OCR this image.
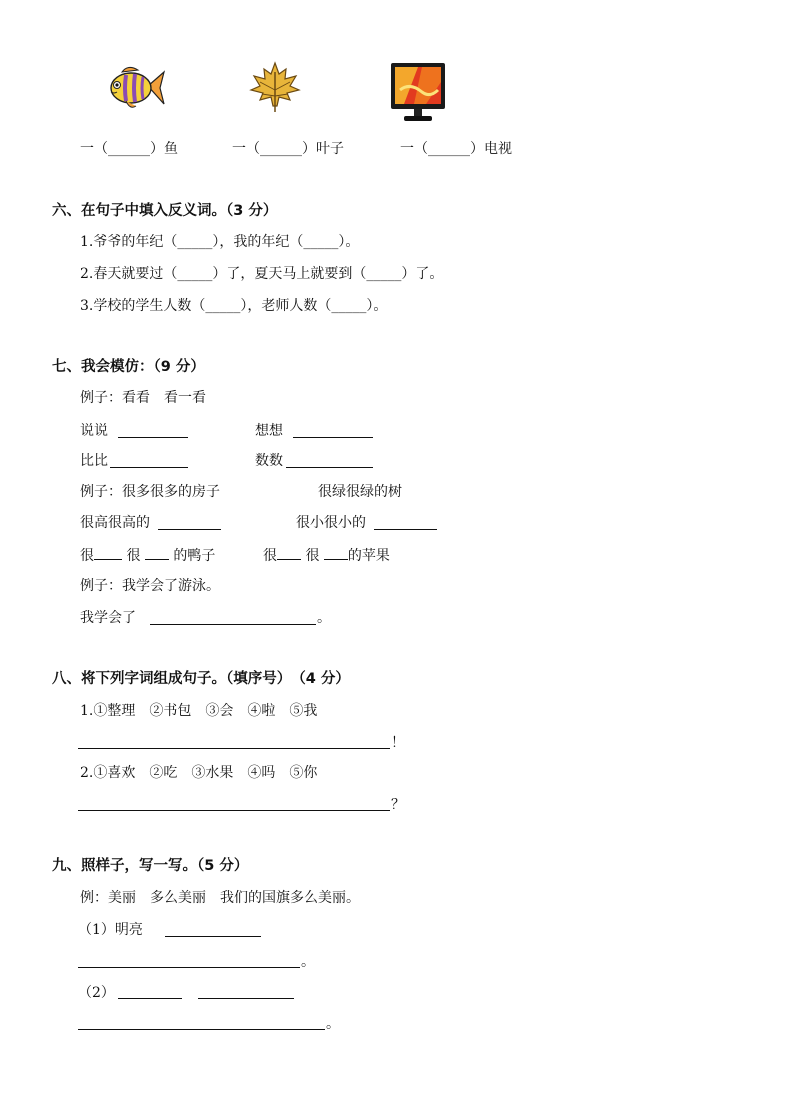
一（______）鱼	一（______）叶子	一（______）电视
六、在句子中填入反义词。（3 分）
1.爷爷的年纪（_____），我的年纪（_____）。
2.春天就要过（_____）了，夏天马上就要到（_____）了。
3.学校的学生人数（_____），老师人数（_____）。
七、我会模仿：（9 分）
例子：看看　看一看
说说	想想
比比	数数
例子：很多很多的房子	很绿很绿的树
很高很高的	很小很小的
很 很 的鸭子	很 很 的苹果
例子：我学会了游泳。
我学会了	。
八、将下列字词组成句子。（填序号）　（4 分）
1.①整理　②书包　③会　④啦　⑤我
！
2.①喜欢　②吃　③水果　④吗　⑤你
？
九、照样子，写一写。（5 分）
例：美丽　多么美丽　我们的国旗多么美丽。
（1）明亮
。
（2）
。
